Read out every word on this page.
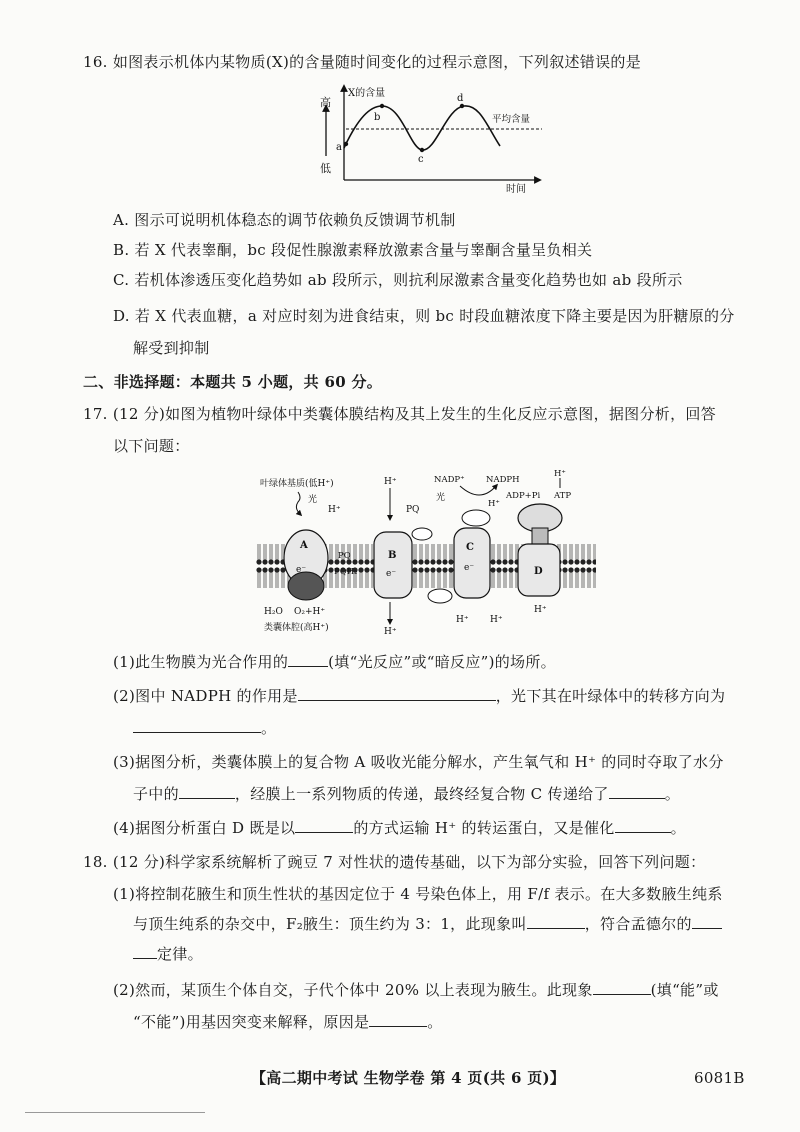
16. 如图表示机体内某物质(X)的含量随时间变化的过程示意图，下列叙述错误的是
高
低
X的含量
时间
平均含量
a
b
c
d
A. 图示可说明机体稳态的调节依赖负反馈调节机制
B. 若 X 代表睾酮，bc 段促性腺激素释放激素含量与睾酮含量呈负相关
C. 若机体渗透压变化趋势如 ab 段所示，则抗利尿激素含量变化趋势也如 ab 段所示
D. 若 X 代表血糖，a 对应时刻为进食结束，则 bc 时段血糖浓度下降主要是因为肝糖原的分
解受到抑制
二、非选择题：本题共 5 小题，共 60 分。
17. (12 分)如图为植物叶绿体中类囊体膜结构及其上发生的生化反应示意图，据图分析，回答
以下问题：
叶绿体基质(低H⁺)
光
H⁺
A
e⁻
PQ
PQH₂
B
e⁻
H⁺
PQ
H⁺
光
C
e⁻
NADP⁺	NADPH
H⁺
H⁺ H⁺
D
ADP+Pi ATP
H⁺
H⁺
H₂O O₂+H⁺
类囊体腔(高H⁺)
(1)此生物膜为光合作用的	(填“光反应”或“暗反应”)的场所。
(2)图中 NADPH 的作用是	，光下其在叶绿体中的转移方向为
。
(3)据图分析，类囊体膜上的复合物 A 吸收光能分解水，产生氧气和 H⁺ 的同时夺取了水分
子中的	，经膜上一系列物质的传递，最终经复合物 C 传递给了	。
(4)据图分析蛋白 D 既是以	的方式运输 H⁺ 的转运蛋白，又是催化	。
18. (12 分)科学家系统解析了豌豆 7 对性状的遗传基础，以下为部分实验，回答下列问题：
(1)将控制花腋生和顶生性状的基因定位于 4 号染色体上，用 F/f 表示。在大多数腋生纯系
与顶生纯系的杂交中，F₂腋生：顶生约为 3：1，此现象叫	，符合孟德尔的
定律。
(2)然而，某顶生个体自交，子代个体中 20% 以上表现为腋生。此现象	(填“能”或
“不能”)用基因突变来解释，原因是	。
【高二期中考试 生物学卷 第 4 页(共 6 页)】	6081B
